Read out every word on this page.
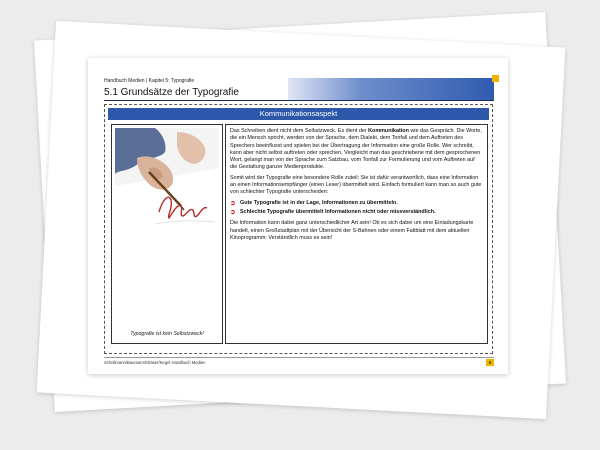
Handbuch Medien | Kapitel 5: Typografie
5.1 Grundsätze der Typografie
Kommunikationsaspekt
Typografie ist kein Selbstzweck!

Das Schreiben dient nicht dem Selbstzweck. Es dient der Kommunikation wie das Gespräch. Die Worte, die ein Mensch spricht, werden von der Sprache, dem Dialekt, dem Tonfall und dem Auftreten des Sprechers beeinflusst und spielen bei der Übertragung der Information eine große Rolle. Wer schreibt, kann aber nicht selbst auftreten oder sprechen. Vergleicht man das geschriebene mit dem gesprochenen Wort, gelangt man von der Sprache zum Satzbau, vom Tonfall zur Formulierung und vom Auftreten auf die Gestaltung ganzer Medienprodukte.

Somit wird der Typografie eine besondere Rolle zuteil: Sie ist dafür verantwortlich, dass eine Information an einen Informationsempfänger (einen Leser) übermittelt wird. Einfach formuliert kann man so auch gute von schlechter Typografie unterscheiden:

➲ Gute Typografie ist in der Lage, Informationen zu übermitteln.
➲ Schlechte Typografie übermittelt Informationen nicht oder missverständlich.

Die Information kann dabei ganz unterschiedlicher Art sein! Ob es sich dabei um eine Einladungskarte handelt, einen Großstadtplan mit der Übersicht der S-Bahnen oder einem Faltblatt mit dem aktuellen Kinoprogramm: Verständlich muss es sein!

Schellmann/Baumann/Gläser/Kegel Handbuch Medien	6
